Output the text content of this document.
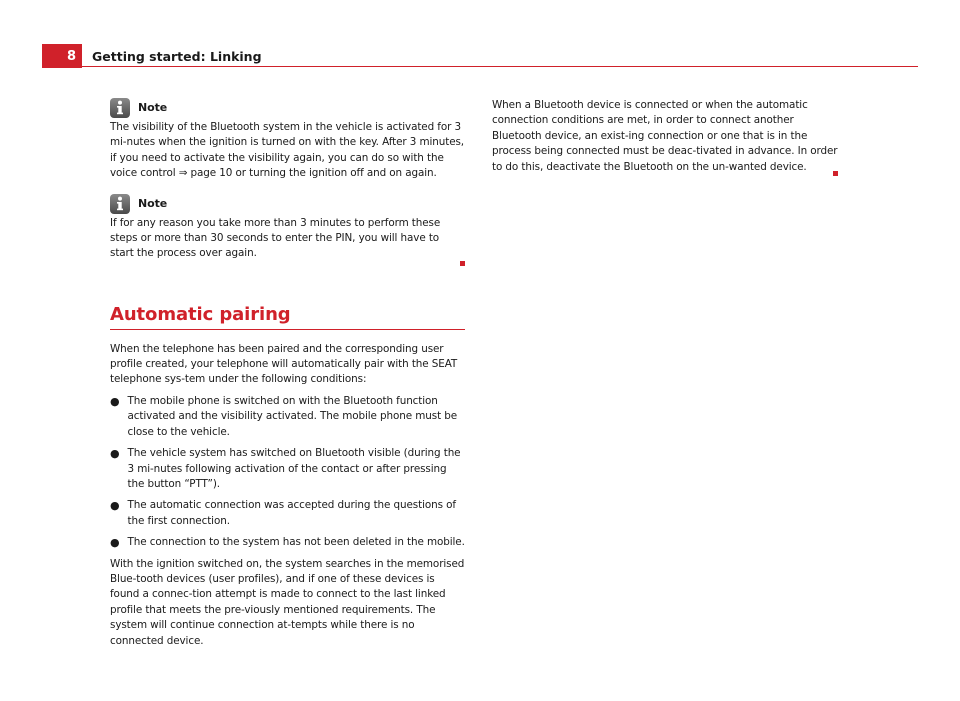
8	Getting started: Linking
Note

The visibility of the Bluetooth system in the vehicle is activated for 3 mi-nutes when the ignition is turned on with the key. After 3 minutes, if you need to activate the visibility again, you can do so with the voice control ⇒ page 10 or turning the ignition off and on again.

Note

If for any reason you take more than 3 minutes to perform these steps or more than 30 seconds to enter the PIN, you will have to start the process over again.

Automatic pairing

When the telephone has been paired and the corresponding user profile created, your telephone will automatically pair with the SEAT telephone sys-tem under the following conditions:

● The mobile phone is switched on with the Bluetooth function activated and the visibility activated. The mobile phone must be close to the vehicle.
● The vehicle system has switched on Bluetooth visible (during the 3 mi-nutes following activation of the contact or after pressing the button “PTT”).
● The automatic connection was accepted during the questions of the first connection.
● The connection to the system has not been deleted in the mobile.

With the ignition switched on, the system searches in the memorised Blue-tooth devices (user profiles), and if one of these devices is found a connec-tion attempt is made to connect to the last linked profile that meets the pre-viously mentioned requirements. The system will continue connection at-tempts while there is no connected device.

When a Bluetooth device is connected or when the automatic connection conditions are met, in order to connect another Bluetooth device, an exist-ing connection or one that is in the process being connected must be deac-tivated in advance. In order to do this, deactivate the Bluetooth on the un-wanted device.
